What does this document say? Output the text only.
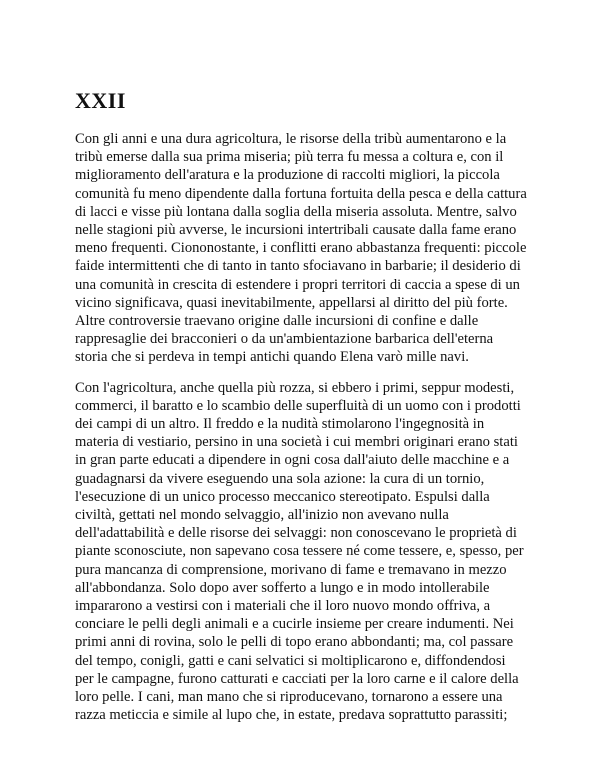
XXII

Con gli anni e una dura agricoltura, le risorse della tribù aumentarono e la tribù emerse dalla sua prima miseria; più terra fu messa a coltura e, con il miglioramento dell'aratura e la produzione di raccolti migliori, la piccola comunità fu meno dipendente dalla fortuna fortuita della pesca e della cattura di lacci e visse più lontana dalla soglia della miseria assoluta. Mentre, salvo nelle stagioni più avverse, le incursioni intertribali causate dalla fame erano meno frequenti. Ciononostante, i conflitti erano abbastanza frequenti: piccole faide intermittenti che di tanto in tanto sfociavano in barbarie; il desiderio di una comunità in crescita di estendere i propri territori di caccia a spese di un vicino significava, quasi inevitabilmente, appellarsi al diritto del più forte. Altre controversie traevano origine dalle incursioni di confine e dalle rappresaglie dei bracconieri o da un'ambientazione barbarica dell'eterna storia che si perdeva in tempi antichi quando Elena varò mille navi.

Con l'agricoltura, anche quella più rozza, si ebbero i primi, seppur modesti, commerci, il baratto e lo scambio delle superfluità di un uomo con i prodotti dei campi di un altro. Il freddo e la nudità stimolarono l'ingegnosità in materia di vestiario, persino in una società i cui membri originari erano stati in gran parte educati a dipendere in ogni cosa dall'aiuto delle macchine e a guadagnarsi da vivere eseguendo una sola azione: la cura di un tornio, l'esecuzione di un unico processo meccanico stereotipato. Espulsi dalla civiltà, gettati nel mondo selvaggio, all'inizio non avevano nulla dell'adattabilità e delle risorse dei selvaggi: non conoscevano le proprietà di piante sconosciute, non sapevano cosa tessere né come tessere, e, spesso, per pura mancanza di comprensione, morivano di fame e tremavano in mezzo all'abbondanza. Solo dopo aver sofferto a lungo e in modo intollerabile impararono a vestirsi con i materiali che il loro nuovo mondo offriva, a conciare le pelli degli animali e a cucirle insieme per creare indumenti. Nei primi anni di rovina, solo le pelli di topo erano abbondanti; ma, col passare del tempo, conigli, gatti e cani selvatici si moltiplicarono e, diffondendosi per le campagne, furono catturati e cacciati per la loro carne e il calore della loro pelle. I cani, man mano che si riproducevano, tornarono a essere una razza meticcia e simile al lupo che, in estate, predava soprattutto parassiti;
